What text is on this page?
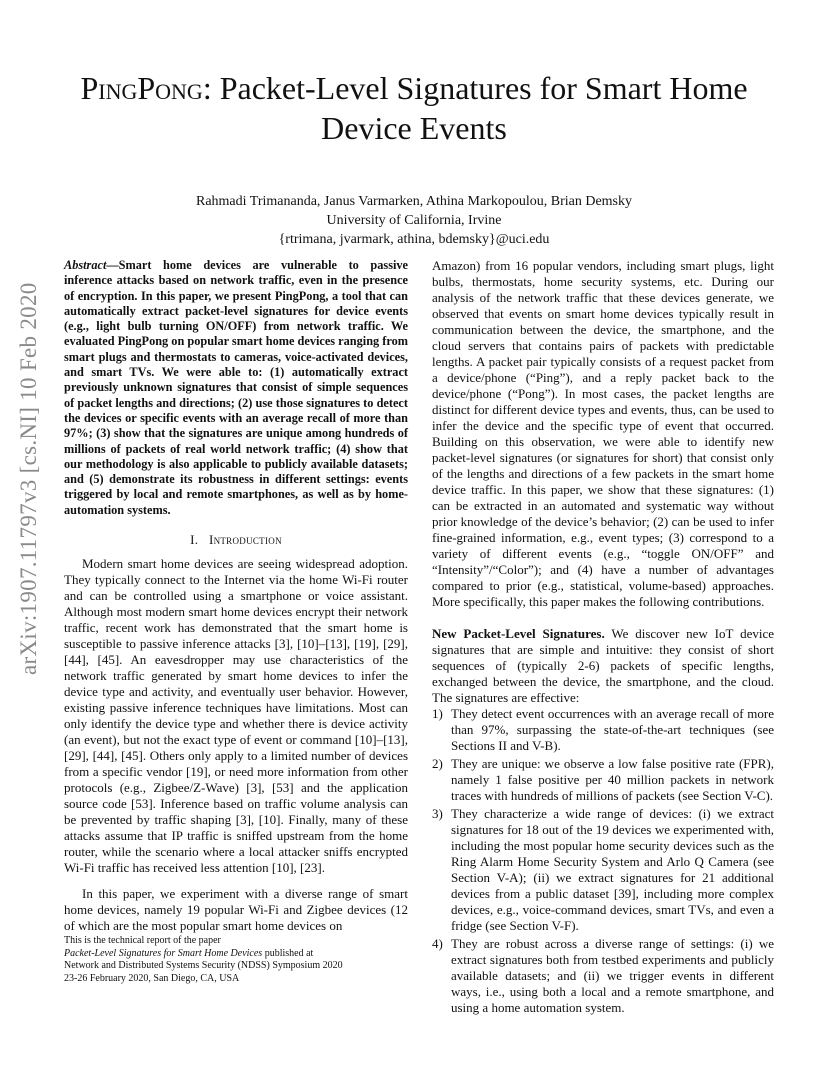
arXiv:1907.11797v3 [cs.NI] 10 Feb 2020
PingPong: Packet-Level Signatures for Smart Home Device Events
Rahmadi Trimananda, Janus Varmarken, Athina Markopoulou, Brian Demsky
University of California, Irvine
{rtrimana, jvarmark, athina, bdemsky}@uci.edu

Abstract—Smart home devices are vulnerable to passive inference attacks based on network traffic, even in the presence of encryption. In this paper, we present PingPong, a tool that can automatically extract packet-level signatures for device events (e.g., light bulb turning ON/OFF) from network traffic. We evaluated PingPong on popular smart home devices ranging from smart plugs and thermostats to cameras, voice-activated devices, and smart TVs. We were able to: (1) automatically extract previously unknown signatures that consist of simple sequences of packet lengths and directions; (2) use those signatures to detect the devices or specific events with an average recall of more than 97%; (3) show that the signatures are unique among hundreds of millions of packets of real world network traffic; (4) show that our methodology is also applicable to publicly available datasets; and (5) demonstrate its robustness in different settings: events triggered by local and remote smartphones, as well as by home-automation systems.

I. Introduction

Modern smart home devices are seeing widespread adoption. They typically connect to the Internet via the home Wi-Fi router and can be controlled using a smartphone or voice assistant. Although most modern smart home devices encrypt their network traffic, recent work has demonstrated that the smart home is susceptible to passive inference attacks [3], [10]–[13], [19], [29], [44], [45]. An eavesdropper may use characteristics of the network traffic generated by smart home devices to infer the device type and activity, and eventually user behavior. However, existing passive inference techniques have limitations. Most can only identify the device type and whether there is device activity (an event), but not the exact type of event or command [10]–[13], [29], [44], [45]. Others only apply to a limited number of devices from a specific vendor [19], or need more information from other protocols (e.g., Zigbee/Z-Wave) [3], [53] and the application source code [53]. Inference based on traffic volume analysis can be prevented by traffic shaping [3], [10]. Finally, many of these attacks assume that IP traffic is sniffed upstream from the home router, while the scenario where a local attacker sniffs encrypted Wi-Fi traffic has received less attention [10], [23].

In this paper, we experiment with a diverse range of smart home devices, namely 19 popular Wi-Fi and Zigbee devices (12 of which are the most popular smart home devices on

Amazon) from 16 popular vendors, including smart plugs, light bulbs, thermostats, home security systems, etc. During our analysis of the network traffic that these devices generate, we observed that events on smart home devices typically result in communication between the device, the smartphone, and the cloud servers that contains pairs of packets with predictable lengths. A packet pair typically consists of a request packet from a device/phone (“Ping”), and a reply packet back to the device/phone (“Pong”). In most cases, the packet lengths are distinct for different device types and events, thus, can be used to infer the device and the specific type of event that occurred. Building on this observation, we were able to identify new packet-level signatures (or signatures for short) that consist only of the lengths and directions of a few packets in the smart home device traffic. In this paper, we show that these signatures: (1) can be extracted in an automated and systematic way without prior knowledge of the device’s behavior; (2) can be used to infer fine-grained information, e.g., event types; (3) correspond to a variety of different events (e.g., “toggle ON/OFF” and “Intensity”/“Color”); and (4) have a number of advantages compared to prior (e.g., statistical, volume-based) approaches. More specifically, this paper makes the following contributions.

New Packet-Level Signatures. We discover new IoT device signatures that are simple and intuitive: they consist of short sequences of (typically 2-6) packets of specific lengths, exchanged between the device, the smartphone, and the cloud. The signatures are effective:

1) They detect event occurrences with an average recall of more than 97%, surpassing the state-of-the-art techniques (see Sections II and V-B).
2) They are unique: we observe a low false positive rate (FPR), namely 1 false positive per 40 million packets in network traces with hundreds of millions of packets (see Section V-C).
3) They characterize a wide range of devices: (i) we extract signatures for 18 out of the 19 devices we experimented with, including the most popular home security devices such as the Ring Alarm Home Security System and Arlo Q Camera (see Section V-A); (ii) we extract signatures for 21 additional devices from a public dataset [39], including more complex devices, e.g., voice-command devices, smart TVs, and even a fridge (see Section V-F).
4) They are robust across a diverse range of settings: (i) we extract signatures both from testbed experiments and publicly available datasets; and (ii) we trigger events in different ways, i.e., using both a local and a remote smartphone, and using a home automation system.
This is the technical report of the paper
Packet-Level Signatures for Smart Home Devices published at
Network and Distributed Systems Security (NDSS) Symposium 2020
23-26 February 2020, San Diego, CA, USA
